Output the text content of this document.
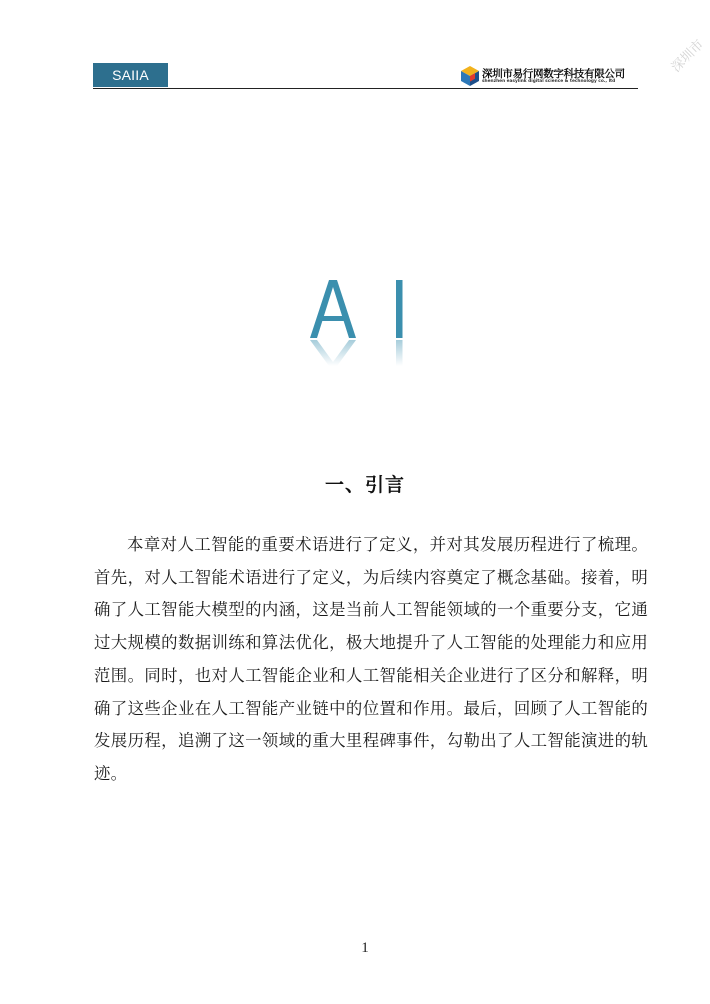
SAIIA	深圳市易行网数字科技有限公司
shenzhen easylink digital science & technology co., ltd
深圳市
一、引言

本章对人工智能的重要术语进行了定义，并对其发展历程进行了梳理。首先，对人工智能术语进行了定义，为后续内容奠定了概念基础。接着，明确了人工智能大模型的内涵，这是当前人工智能领域的一个重要分支，它通过大规模的数据训练和算法优化，极大地提升了人工智能的处理能力和应用范围。同时，也对人工智能企业和人工智能相关企业进行了区分和解释，明确了这些企业在人工智能产业链中的位置和作用。最后，回顾了人工智能的发展历程，追溯了这一领域的重大里程碑事件，勾勒出了人工智能演进的轨迹。

1
